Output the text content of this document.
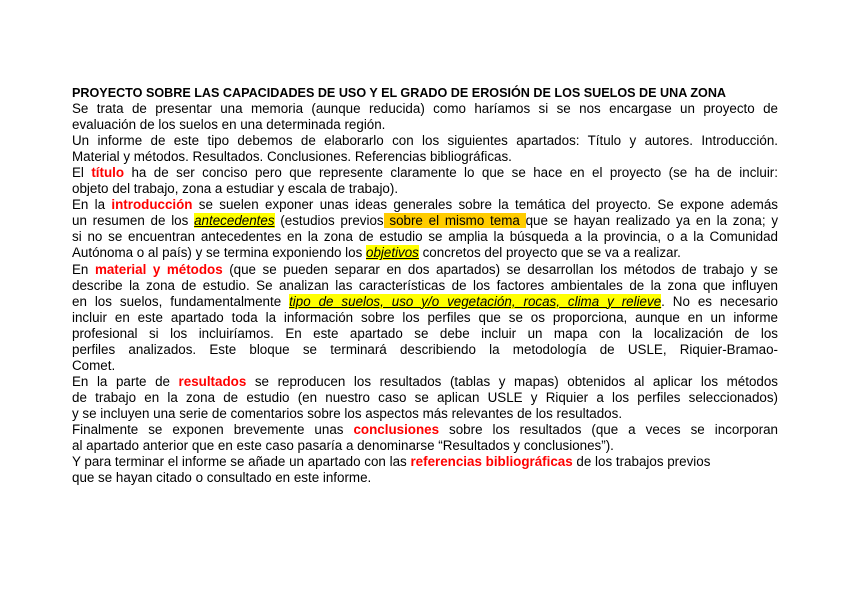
PROYECTO SOBRE LAS CAPACIDADES DE USO Y EL GRADO DE EROSIÓN DE LOS SUELOS DE UNA ZONA
Se trata de presentar una memoria (aunque reducida) como haríamos si se nos encargase un proyecto de
evaluación de los suelos en una determinada región.
Un informe de este tipo debemos de elaborarlo con los siguientes apartados: Título y autores. Introducción.
Material y métodos. Resultados. Conclusiones. Referencias bibliográficas.
El título ha de ser conciso pero que represente claramente lo que se hace en el proyecto (se ha de incluir:
objeto del trabajo, zona a estudiar y escala de trabajo).
En la introducción se suelen exponer unas ideas generales sobre la temática del proyecto. Se expone además
un resumen de los antecedentes (estudios previos sobre el mismo tema que se hayan realizado ya en la zona; y
si no se encuentran antecedentes en la zona de estudio se amplia la búsqueda a la provincia, o a la Comunidad
Autónoma o al país) y se termina exponiendo los objetivos concretos del proyecto que se va a realizar.
En material y métodos (que se pueden separar en dos apartados) se desarrollan los métodos de trabajo y se
describe la zona de estudio. Se analizan las características de los factores ambientales de la zona que influyen
en los suelos, fundamentalmente tipo de suelos, uso y/o vegetación, rocas, clima y relieve. No es necesario
incluir en este apartado toda la información sobre los perfiles que se os proporciona, aunque en un informe
profesional si los incluiríamos. En este apartado se debe incluir un mapa con la localización de los
perfiles analizados. Este bloque se terminará describiendo la metodología de USLE, Riquier-Bramao-
Comet.
En la parte de resultados se reproducen los resultados (tablas y mapas) obtenidos al aplicar los métodos
de trabajo en la zona de estudio (en nuestro caso se aplican USLE y Riquier a los perfiles seleccionados)
y se incluyen una serie de comentarios sobre los aspectos más relevantes de los resultados.
Finalmente se exponen brevemente unas conclusiones sobre los resultados (que a veces se incorporan
al apartado anterior que en este caso pasaría a denominarse “Resultados y conclusiones”).
Y para terminar el informe se añade un apartado con las referencias bibliográficas de los trabajos previos
que se hayan citado o consultado en este informe.
